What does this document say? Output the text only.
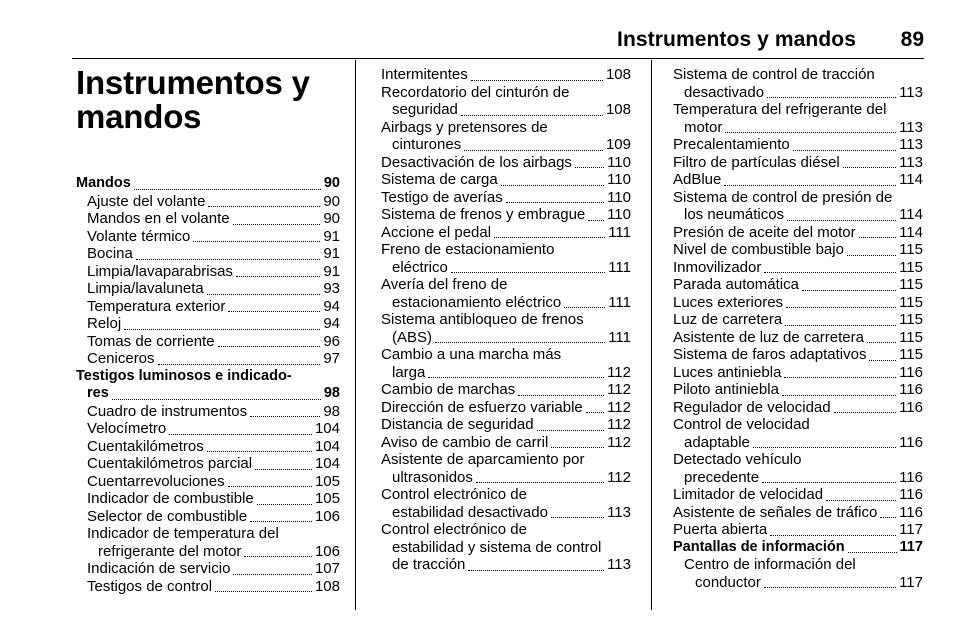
Instrumentos y mandos 89
Instrumentos y
mandos
Mandos	90
Ajuste del volante	90
Mandos en el volante	90
Volante térmico	91
Bocina	91
Limpia/lavaparabrisas	91
Limpia/lavaluneta	93
Temperatura exterior	94
Reloj	94
Tomas de corriente	96
Ceniceros	97
Testigos luminosos e indicado-
res	98
Cuadro de instrumentos	98
Velocímetro	104
Cuentakilómetros	104
Cuentakilómetros parcial	104
Cuentarrevoluciones	105
Indicador de combustible	105
Selector de combustible	106
Indicador de temperatura del
refrigerante del motor	106
Indicación de servicio	107
Testigos de control	108
Intermitentes	108
Recordatorio del cinturón de
seguridad	108
Airbags y pretensores de
cinturones	109
Desactivación de los airbags 110
Sistema de carga	110
Testigo de averías	110
Sistema de frenos y embrague 110
Accione el pedal	111
Freno de estacionamiento
eléctrico	111
Avería del freno de
estacionamiento eléctrico	111
Sistema antibloqueo de frenos
(ABS)	111
Cambio a una marcha más
larga	112
Cambio de marchas	112
Dirección de esfuerzo variable 112
Distancia de seguridad	112
Aviso de cambio de carril	112
Asistente de aparcamiento por
ultrasonidos	112
Control electrónico de
estabilidad desactivado	113
Control electrónico de
estabilidad y sistema de control
de tracción	113
Sistema de control de tracción
desactivado	113
Temperatura del refrigerante del
motor	113
Precalentamiento	113
Filtro de partículas diésel	113
AdBlue	114
Sistema de control de presión de
los neumáticos	114
Presión de aceite del motor	114
Nivel de combustible bajo	115
Inmovilizador	115
Parada automática	115
Luces exteriores	115
Luz de carretera	115
Asistente de luz de carretera 115
Sistema de faros adaptativos 115
Luces antiniebla	116
Piloto antiniebla	116
Regulador de velocidad	116
Control de velocidad
adaptable	116
Detectado vehículo
precedente	116
Limitador de velocidad	116
Asistente de señales de tráfico 116
Puerta abierta	117
Pantallas de información	117
Centro de información del
conductor	117
